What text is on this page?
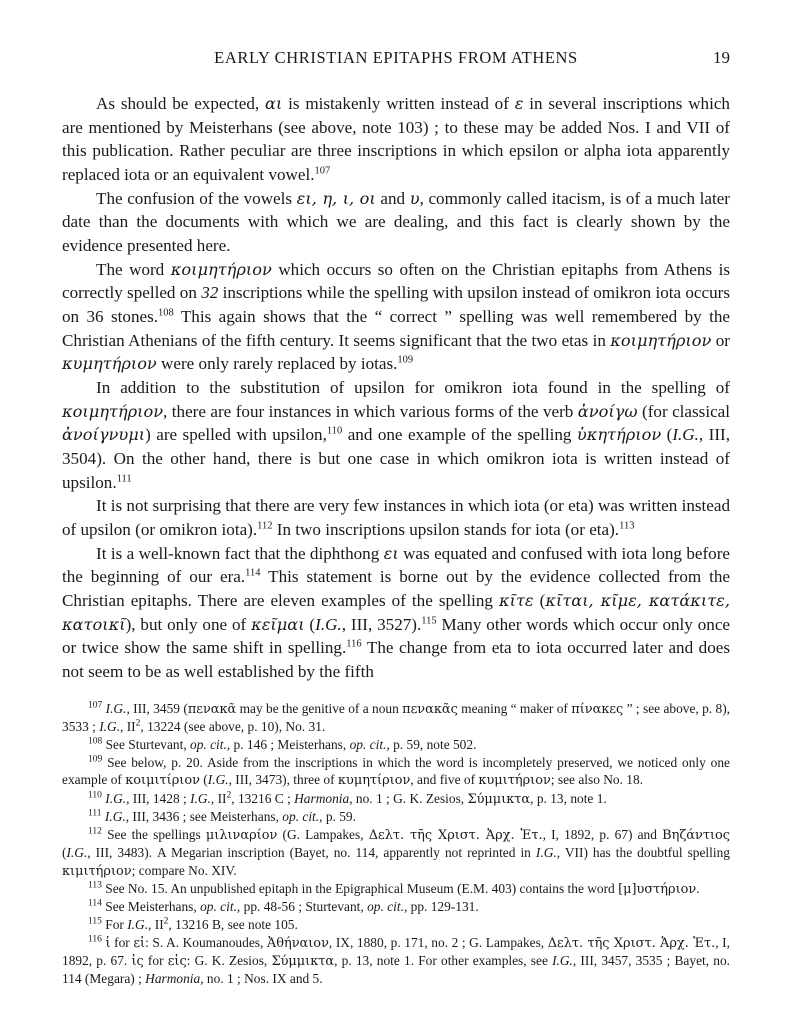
EARLY CHRISTIAN EPITAPHS FROM ATHENS	19

As should be expected, αι is mistakenly written instead of ε in several inscriptions which are mentioned by Meisterhans (see above, note 103) ; to these may be added Nos. I and VII of this publication. Rather peculiar are three inscriptions in which epsilon or alpha iota apparently replaced iota or an equivalent vowel.$^{107}$

The confusion of the vowels ει, η, ι, οι and υ, commonly called itacism, is of a much later date than the documents with which we are dealing, and this fact is clearly shown by the evidence presented here.

The word κοιμητήριον which occurs so often on the Christian epitaphs from Athens is correctly spelled on 32 inscriptions while the spelling with upsilon instead of omikron iota occurs on 36 stones.$^{108}$ This again shows that the “ correct ” spelling was well remembered by the Christian Athenians of the fifth century. It seems significant that the two etas in κοιμητήριον or κυμητήριον were only rarely replaced by iotas.$^{109}$

In addition to the substitution of upsilon for omikron iota found in the spelling of κοιμητήριον, there are four instances in which various forms of the verb ἀνοίγω (for classical ἀνοίγνυμι) are spelled with upsilon,$^{110}$ and one example of the spelling ὑκητήριον (I.G., III, 3504). On the other hand, there is but one case in which omikron iota is written instead of upsilon.$^{111}$

It is not surprising that there are very few instances in which iota (or eta) was written instead of upsilon (or omikron iota).$^{112}$ In two inscriptions upsilon stands for iota (or eta).$^{113}$

It is a well-known fact that the diphthong ει was equated and confused with iota long before the beginning of our era.$^{114}$ This statement is borne out by the evidence collected from the Christian epitaphs. There are eleven examples of the spelling κῖτε (κῖται, κῖμε, κατάκιτε, κατοικῖ), but only one of κεῖμαι (I.G., III, 3527).$^{115}$ Many other words which occur only once or twice show the same shift in spelling.$^{116}$ The change from eta to iota occurred later and does not seem to be as well established by the fifth

$^{107}$ I.G., III, 3459 (πενακᾶ may be the genitive of a noun πενακᾶς meaning “ maker of πίνακες ” ; see above, p. 8), 3533 ; I.G., $II^2$, 13224 (see above, p. 10), No. 31.

$^{108}$ See Sturtevant, op. cit., p. 146 ; Meisterhans, op. cit., p. 59, note 502.

$^{109}$ See below, p. 20. Aside from the inscriptions in which the word is incompletely preserved, we noticed only one example of κοιμιτίριον (I.G., III, 3473), three of κυμητίριον, and five of κυμιτήριον; see also No. 18.

$^{110}$ I.G., III, 1428 ; I.G., $II^2$, 13216 C ; Harmonia, no. 1 ; G. K. Zesios, Σύμμικτα, p. 13, note 1.

$^{111}$ I.G., III, 3436 ; see Meisterhans, op. cit., p. 59.

$^{112}$ See the spellings μιλιναρίον (G. Lampakes, Δελτ. τῆς Χριστ. Ἀρχ. Ἑτ., I, 1892, p. 67) and Βηζάντιος (I.G., III, 3483). A Megarian inscription (Bayet, no. 114, apparently not reprinted in I.G., VII) has the doubtful spelling κιμιτήριον; compare No. XIV.

$^{113}$ See No. 15. An unpublished epitaph in the Epigraphical Museum (E.M. 403) contains the word [μ]υστήριον.

$^{114}$ See Meisterhans, op. cit., pp. 48-56 ; Sturtevant, op. cit., pp. 129-131.

$^{115}$ For I.G., $II^2$, 13216 B, see note 105.

$^{116}$ ἰ for εἰ: S. A. Koumanoudes, Ἀθήναιον, IX, 1880, p. 171, no. 2 ; G. Lampakes, Δελτ. τῆς Χριστ. Ἀρχ. Ἑτ., I, 1892, p. 67. ἰς for εἰς: G. K. Zesios, Σύμμικτα, p. 13, note 1. For other examples, see I.G., III, 3457, 3535 ; Bayet, no. 114 (Megara) ; Harmonia, no. 1 ; Nos. IX and 5.
